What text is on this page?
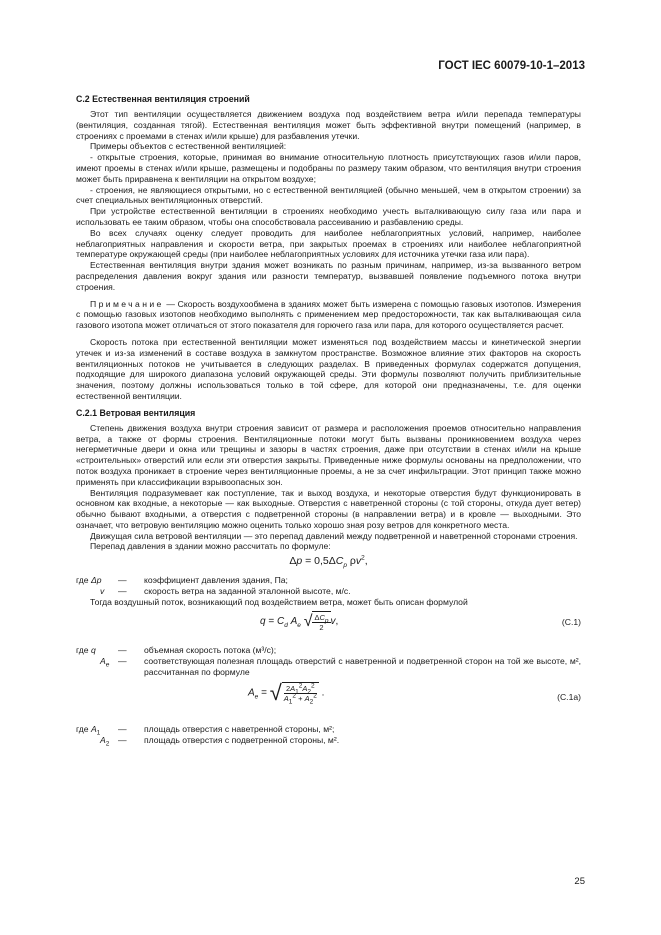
ГОСТ IEC 60079-10-1–2013
С.2 Естественная вентиляция строений

Этот тип вентиляции осуществляется движением воздуха под воздействием ветра и/или перепада температуры (вентиляция, созданная тягой). Естественная вентиляция может быть эффективной внутри помещений (например, в строениях с проемами в стенах и/или крыше) для разбавления утечки.

Примеры объектов с естественной вентиляцией:

- открытые строения, которые, принимая во внимание относительную плотность присутствующих газов и/или паров, имеют проемы в стенах и/или крыше, размещены и подобраны по размеру таким образом, что вентиляция внутри строения может быть приравнена к вентиляции на открытом воздухе;

- строения, не являющиеся открытыми, но с естественной вентиляцией (обычно меньшей, чем в открытом строении) за счет специальных вентиляционных отверстий.

При устройстве естественной вентиляции в строениях необходимо учесть выталкивающую силу газа или пара и использовать ее таким образом, чтобы она способствовала рассеиванию и разбавлению среды.

Во всех случаях оценку следует проводить для наиболее неблагоприятных условий, например, наиболее неблагоприятных направления и скорости ветра, при закрытых проемах в строениях или наиболее неблагоприятной температуре окружающей среды (при наиболее неблагоприятных условиях для источника утечки газа или пара).

Естественная вентиляция внутри здания может возникать по разным причинам, например, из-за вызванного ветром распределения давления вокруг здания или разности температур, вызвавшей появление подъемного потока внутри строения.

Примечание — Скорость воздухообмена в зданиях может быть измерена с помощью газовых изотопов. Измерения с помощью газовых изотопов необходимо выполнять с применением мер предосторожности, так как выталкивающая сила газового изотопа может отличаться от этого показателя для горючего газа или пара, для которого осуществляется расчет.

Скорость потока при естественной вентиляции может изменяться под воздействием массы и кинетической энергии утечек и из-за изменений в составе воздуха в замкнутом пространстве. Возможное влияние этих факторов на скорость вентиляционных потоков не учитывается в следующих разделах. В приведенных формулах содержатся допущения, подходящие для широкого диапазона условий окружающей среды. Эти формулы позволяют получить приблизительные значения, поэтому должны использоваться только в той сфере, для которой они предназначены, т.е. для оценки естественной вентиляции.

С.2.1 Ветровая вентиляция

Степень движения воздуха внутри строения зависит от размера и расположения проемов относительно направления ветра, а также от формы строения. Вентиляционные потоки могут быть вызваны проникновением воздуха через негерметичные двери и окна или трещины и зазоры в частях строения, даже при отсутствии в стенах и/или на крыше «строительных» отверстий или если эти отверстия закрыты. Приведенные ниже формулы основаны на предположении, что поток воздуха проникает в строение через вентиляционные проемы, а не за счет инфильтрации. Этот принцип также можно применять при классификации взрывоопасных зон.

Вентиляция подразумевает как поступление, так и выход воздуха, и некоторые отверстия будут функционировать в основном как входные, а некоторые — как выходные. Отверстия с наветренной стороны (с той стороны, откуда дует ветер) обычно бывают входными, а отверстия с подветренной стороны (в направлении ветра) и в кровле — выходными. Это означает, что ветровую вентиляцию можно оценить только хорошо зная розу ветров для конкретного места.

Движущая сила ветровой вентиляции — это перепад давлений между подветренной и наветренной сторонами строения.

Перепад давления в здании можно рассчитать по формуле:

$\Delta p = 0,5\Delta C_p$ $\rho v^2$,
где Δp	—	коэффициент давления здания, Па;
v	—	скорость ветра на заданной эталонной высоте, м/с.

Тогда воздушный поток, возникающий под воздействием ветра, может быть описан формулой

$q = C_d$ $A_e$ √ $\frac{\Delta C_p}{2} v$,	(С.1)
где q	—	объемная скорость потока (м³/с);
$A_e$	—	соответствующая полезная площадь отверстий с наветренной и подветренной сторон на той же высоте, м², рассчитанная по формуле
$A_e$ = √ $\frac{2A_1^2A_2^2}{A_1^2 + A_2^2}$ .	(С.1а)
где $A_1$	—	площадь отверстия с наветренной стороны, м²;
$A_2$	—	площадь отверстия с подветренной стороны, м².
25
